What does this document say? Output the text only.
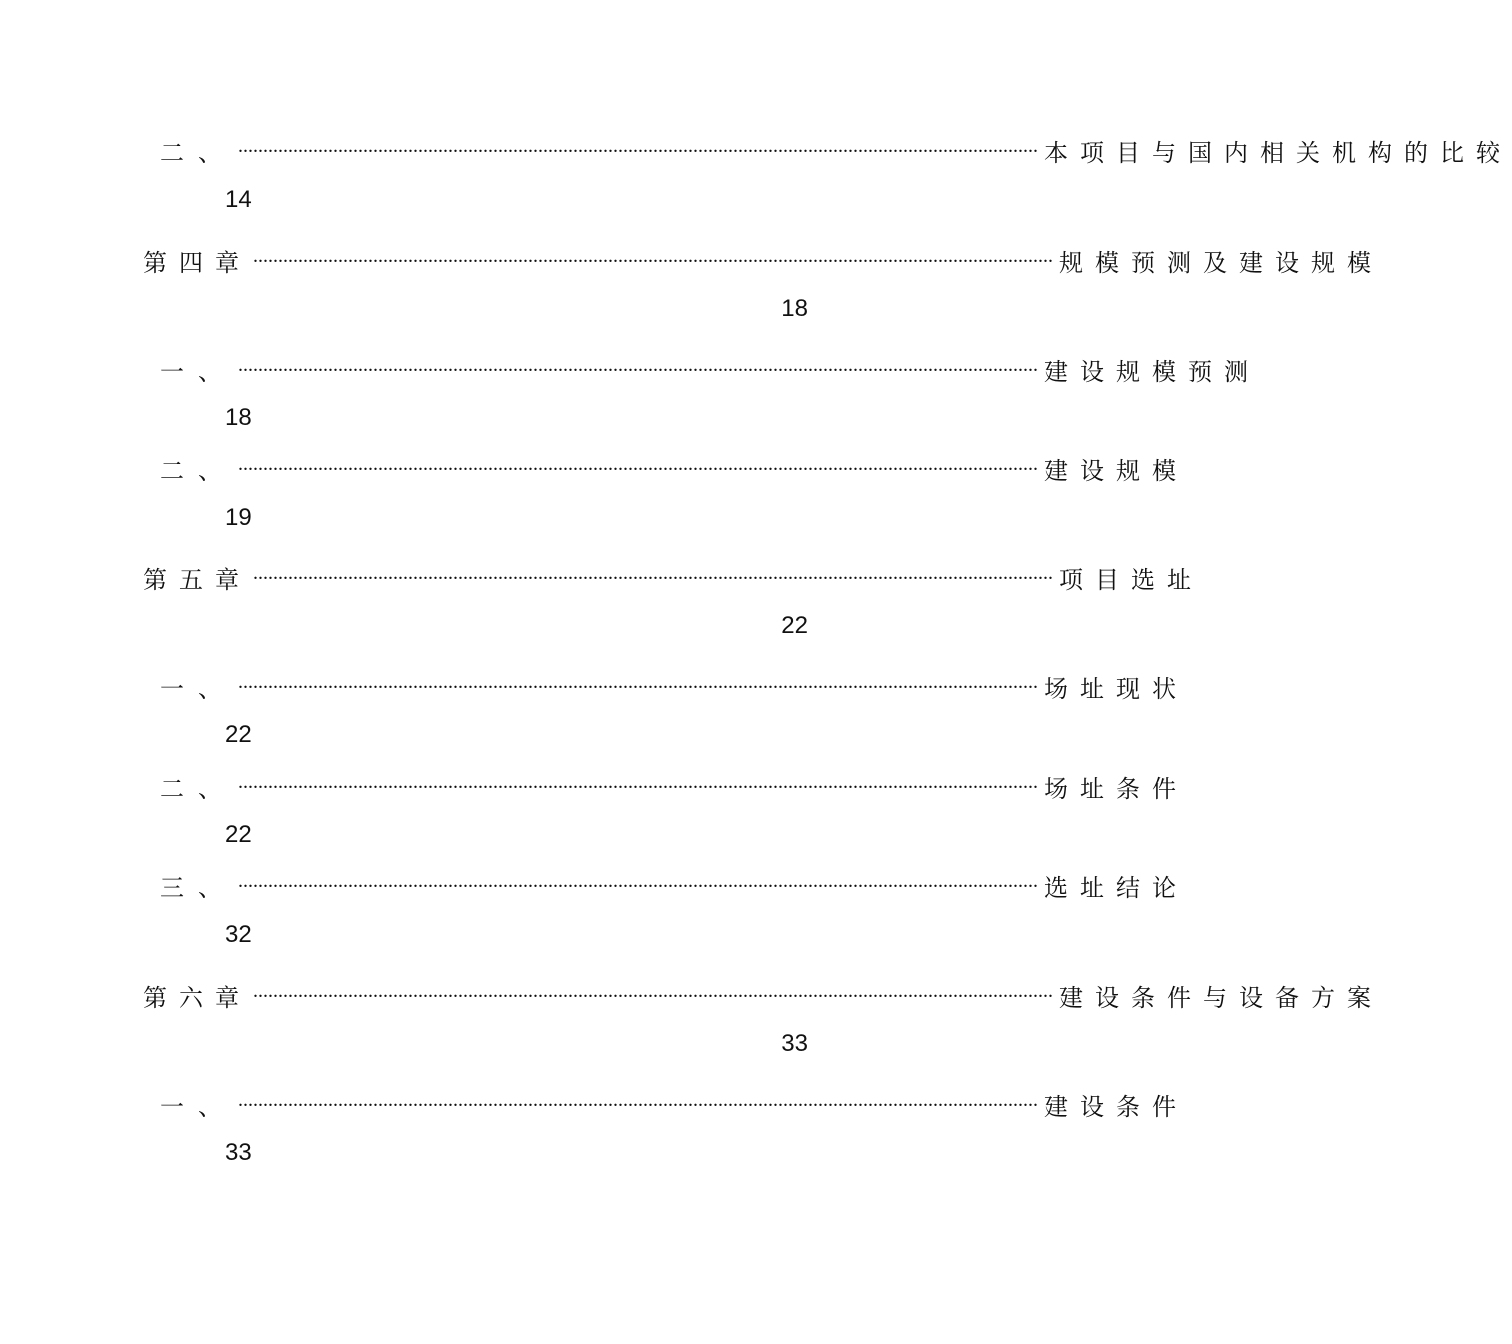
二、 ................................................................................................................................................................ 本项目与国内相关机构的比较
14
第四章 ................................................................................................................................................................ 规模预测及建设规模
18
一、 ................................................................................................................................................................ 建设规模预测
18
二、 ................................................................................................................................................................ 建设规模
19
第五章 ................................................................................................................................................................ 项目选址
22
一、 ................................................................................................................................................................ 场址现状
22
二、 ................................................................................................................................................................ 场址条件
22
三、 ................................................................................................................................................................ 选址结论
32
第六章 ................................................................................................................................................................ 建设条件与设备方案
33
一、 ................................................................................................................................................................ 建设条件
33
